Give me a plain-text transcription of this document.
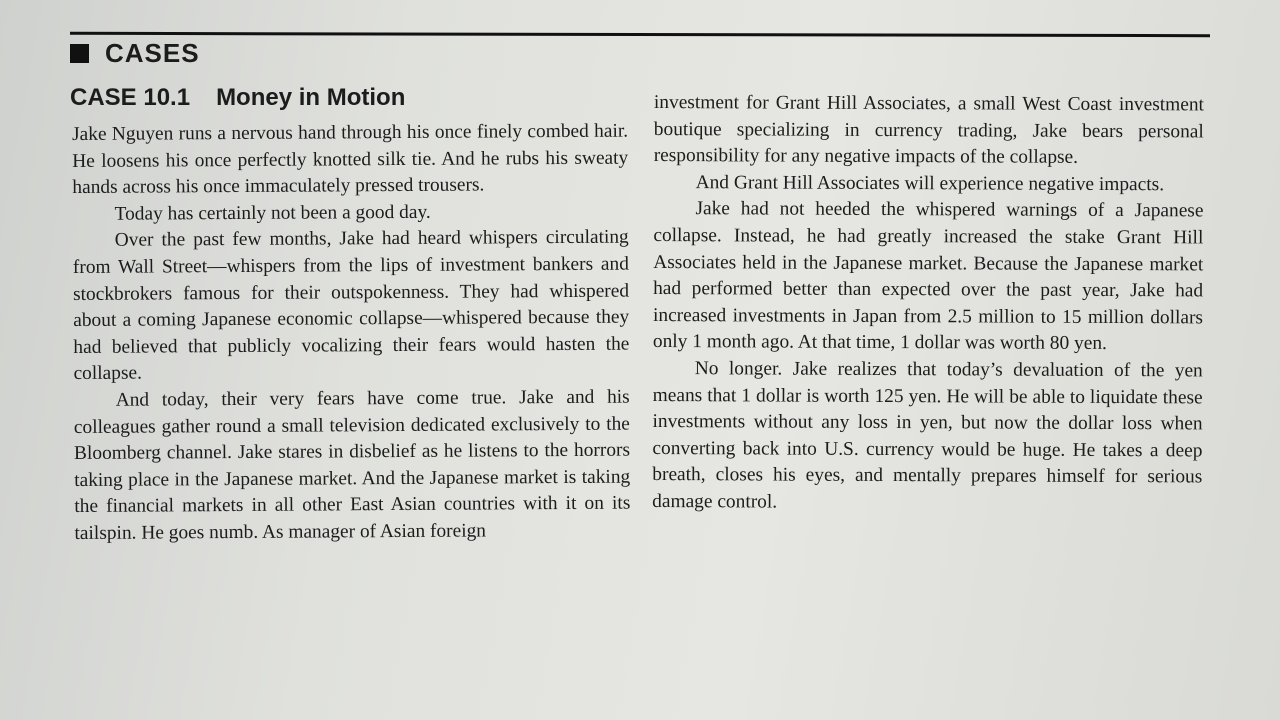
CASES
CASE 10.1 Money in Motion

Jake Nguyen runs a nervous hand through his once finely combed hair. He loosens his once perfectly knotted silk tie. And he rubs his sweaty hands across his once immaculately pressed trousers.

Today has certainly not been a good day.

Over the past few months, Jake had heard whispers circulating from Wall Street—whispers from the lips of investment bankers and stockbrokers famous for their outspokenness. They had whispered about a coming Japanese economic collapse—whispered because they had believed that publicly vocalizing their fears would hasten the collapse.

And today, their very fears have come true. Jake and his colleagues gather round a small television dedicated exclusively to the Bloomberg channel. Jake stares in disbelief as he listens to the horrors taking place in the Japanese market. And the Japanese market is taking the financial markets in all other East Asian countries with it on its tailspin. He goes numb. As manager of Asian foreign

investment for Grant Hill Associates, a small West Coast investment boutique specializing in currency trading, Jake bears personal responsibility for any negative impacts of the collapse.

And Grant Hill Associates will experience negative impacts.

Jake had not heeded the whispered warnings of a Japanese collapse. Instead, he had greatly increased the stake Grant Hill Associates held in the Japanese market. Because the Japanese market had performed better than expected over the past year, Jake had increased investments in Japan from 2.5 million to 15 million dollars only 1 month ago. At that time, 1 dollar was worth 80 yen.

No longer. Jake realizes that today’s devaluation of the yen means that 1 dollar is worth 125 yen. He will be able to liquidate these investments without any loss in yen, but now the dollar loss when converting back into U.S. currency would be huge. He takes a deep breath, closes his eyes, and mentally prepares himself for serious damage control.
